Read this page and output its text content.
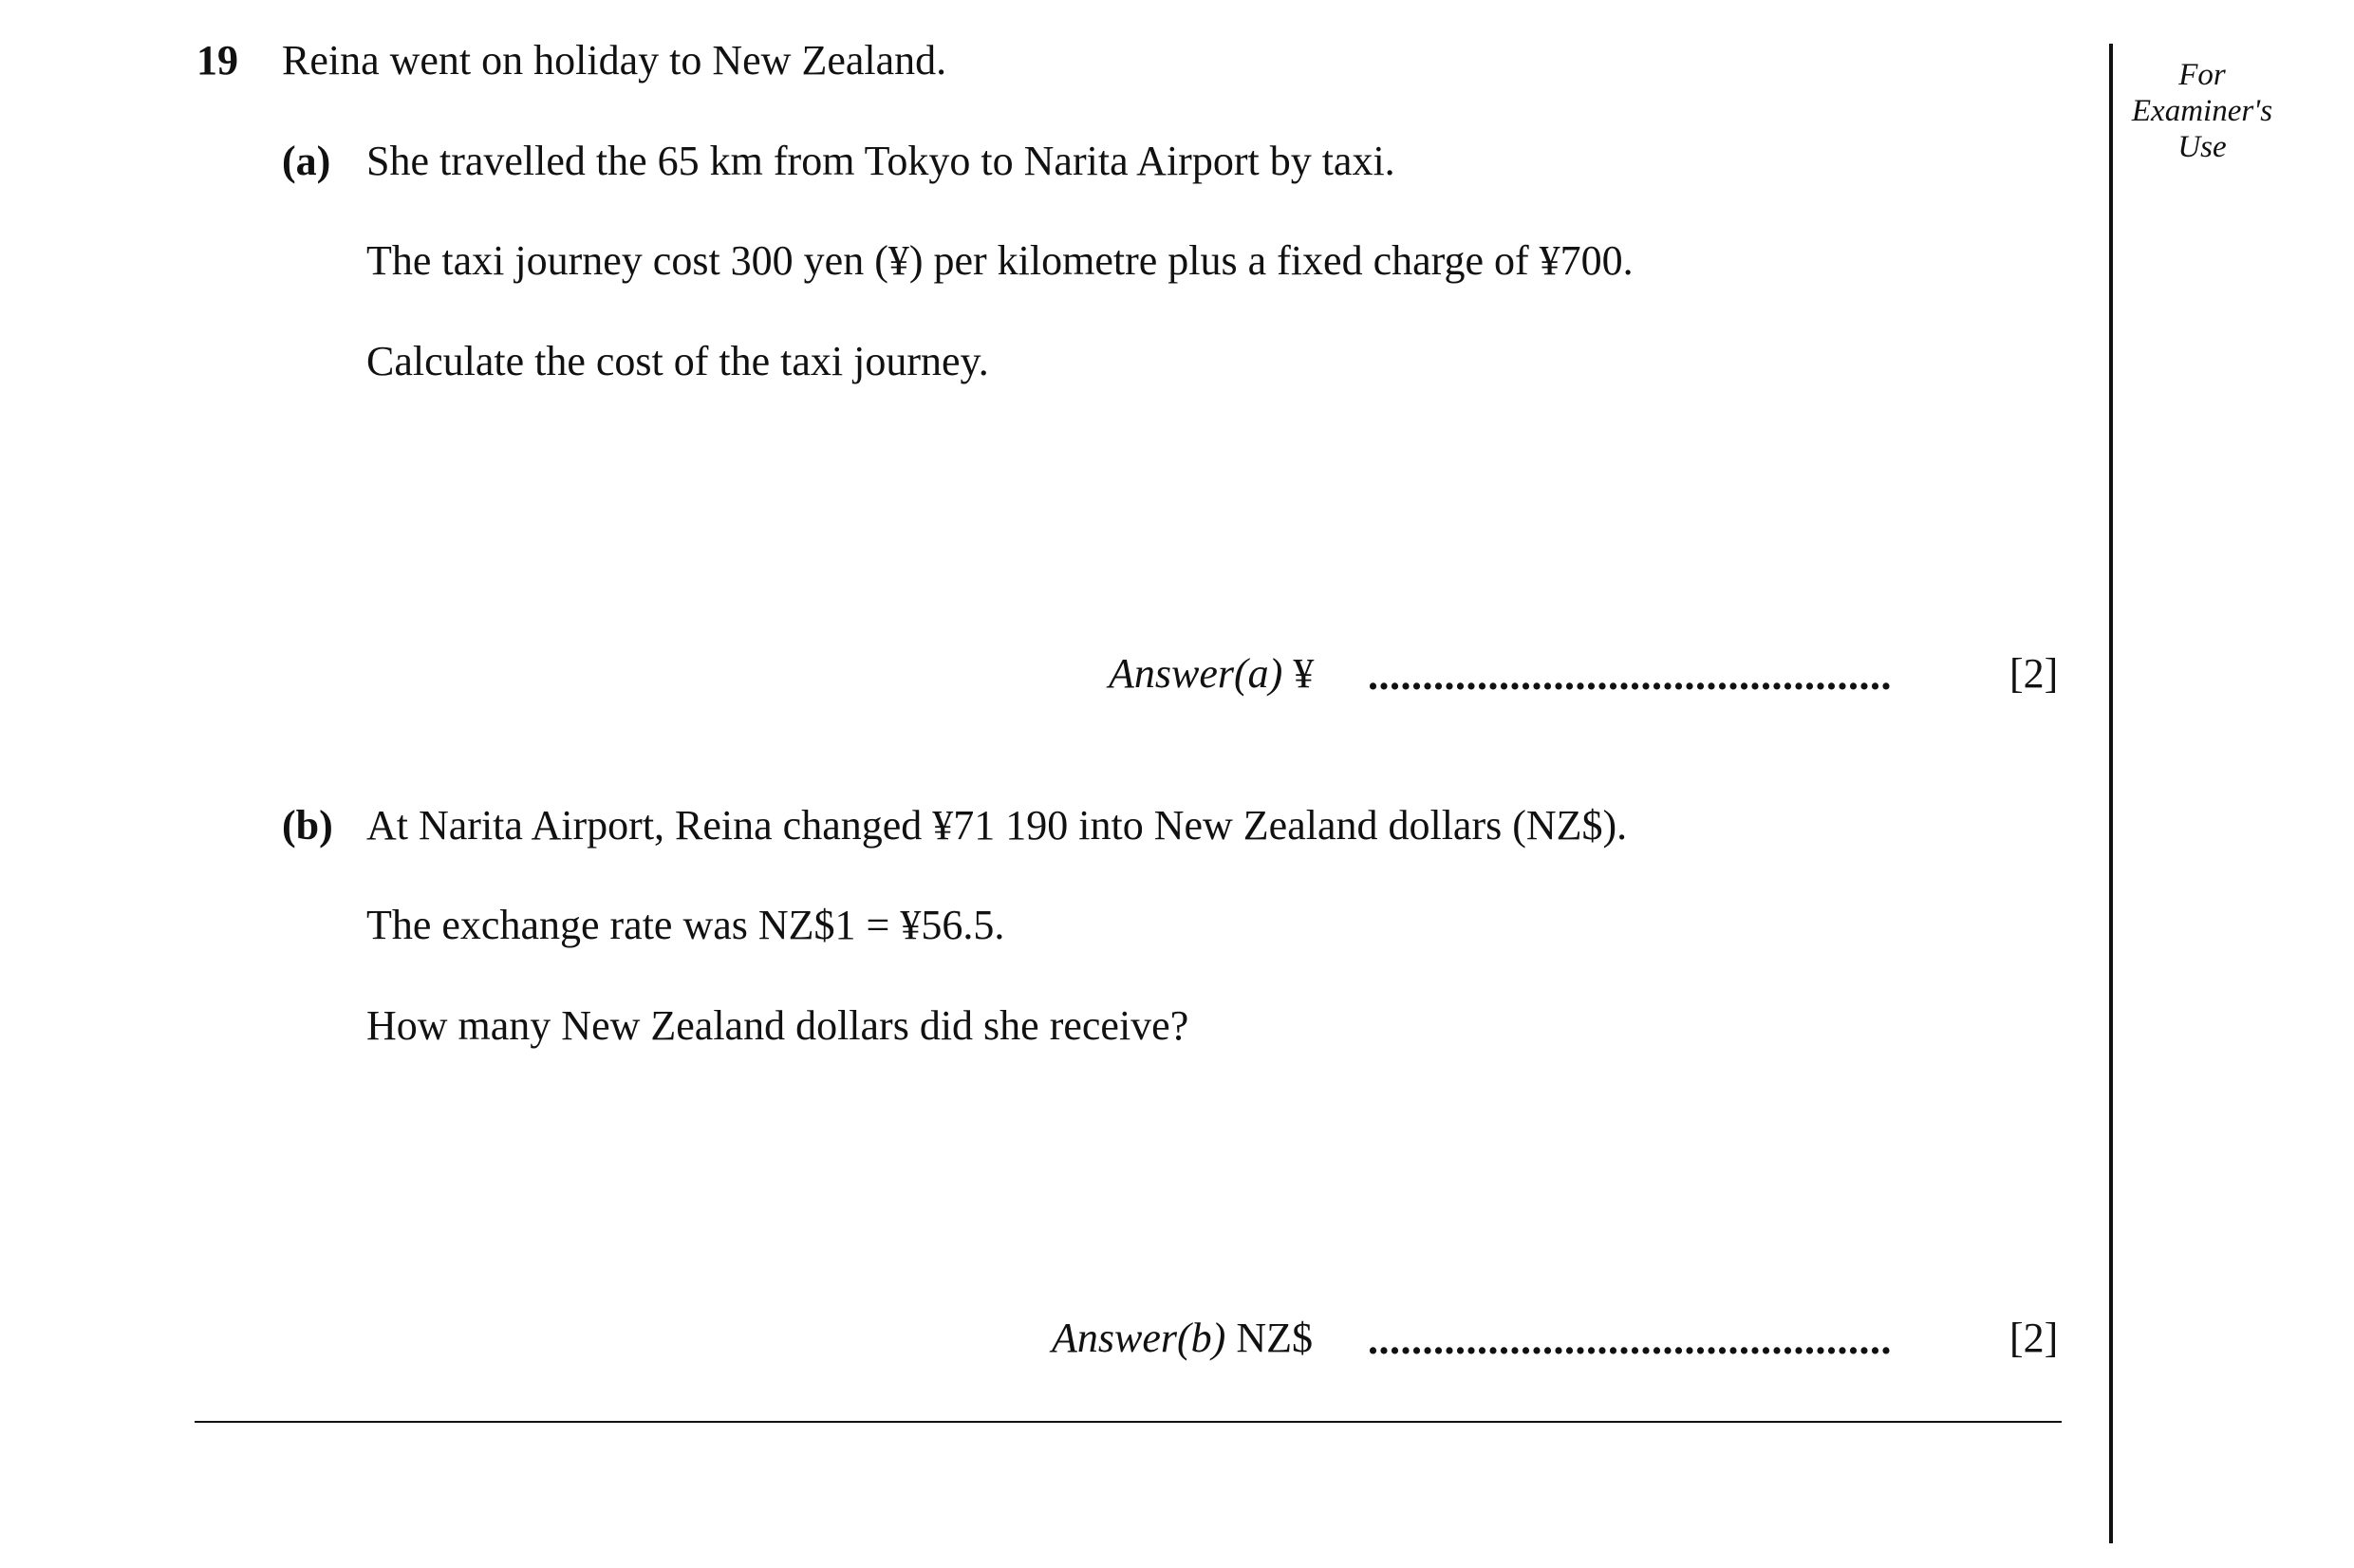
19 Reina went on holiday to New Zealand.
(a) She travelled the 65 km from Tokyo to Narita Airport by taxi.
The taxi journey cost 300 yen (¥) per kilometre plus a fixed charge of ¥700.
Calculate the cost of the taxi journey.
Answer(a) ¥ ................................................	[2]
(b) At Narita Airport, Reina changed ¥71 190 into New Zealand dollars (NZ$).
The exchange rate was NZ$1 = ¥56.5.
How many New Zealand dollars did she receive?
Answer(b) NZ$ ................................................	[2]
For
Examiner's
Use
